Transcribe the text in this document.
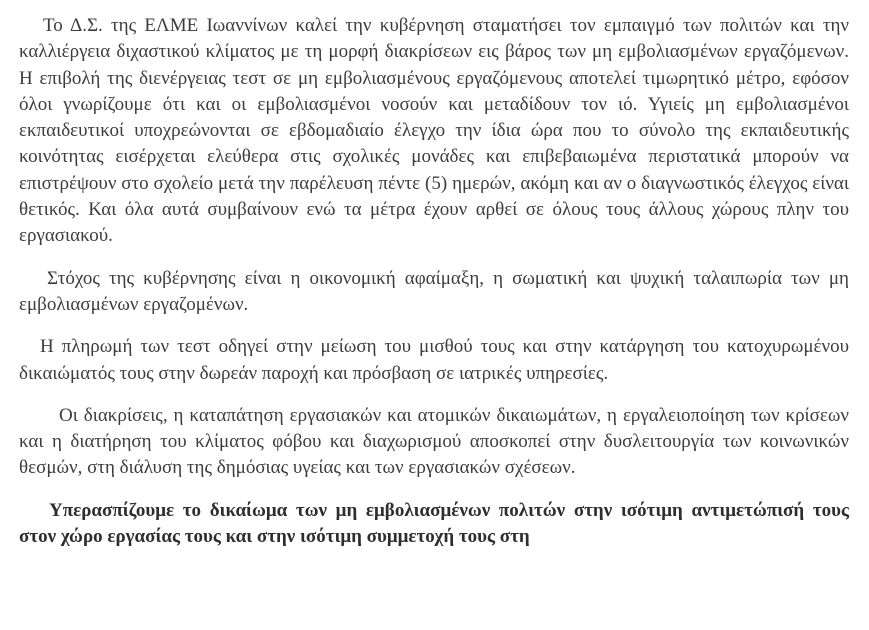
Το Δ.Σ. της ΕΛΜΕ Ιωαννίνων καλεί την κυβέρνηση σταματήσει τον εμπαιγμό των πολιτών και την καλλιέργεια διχαστικού κλίματος με τη μορφή διακρίσεων εις βάρος των μη εμβολιασμένων εργαζόμενων. Η επιβολή της διενέργειας τεστ σε μη εμβολιασμένους εργαζόμενους αποτελεί τιμωρητικό μέτρο, εφόσον όλοι γνωρίζουμε ότι και οι εμβολιασμένοι νοσούν και μεταδίδουν τον ιό. Υγιείς μη εμβολιασμένοι εκπαιδευτικοί υποχρεώνονται σε εβδομαδιαίο έλεγχο την ίδια ώρα που το σύνολο της εκπαιδευτικής κοινότητας εισέρχεται ελεύθερα στις σχολικές μονάδες και επιβεβαιωμένα περιστατικά μπορούν να επιστρέψουν στο σχολείο μετά την παρέλευση πέντε (5) ημερών, ακόμη και αν ο διαγνωστικός έλεγχος είναι θετικός. Και όλα αυτά συμβαίνουν ενώ τα μέτρα έχουν αρθεί σε όλους τους άλλους χώρους πλην του εργασιακού.

Στόχος της κυβέρνησης είναι η οικονομική αφαίμαξη, η σωματική και ψυχική ταλαιπωρία των μη εμβολιασμένων εργαζομένων.

Η πληρωμή των τεστ οδηγεί στην μείωση του μισθού τους και στην κατάργηση του κατοχυρωμένου δικαιώματός τους στην δωρεάν παροχή και πρόσβαση σε ιατρικές υπηρεσίες.

Οι διακρίσεις, η καταπάτηση εργασιακών και ατομικών δικαιωμάτων, η εργαλειοποίηση των κρίσεων και η διατήρηση του κλίματος φόβου και διαχωρισμού αποσκοπεί στην δυσλειτουργία των κοινωνικών θεσμών, στη διάλυση της δημόσιας υγείας και των εργασιακών σχέσεων.

Υπερασπίζουμε το δικαίωμα των μη εμβολιασμένων πολιτών στην ισότιμη αντιμετώπισή τους στον χώρο εργασίας τους και στην ισότιμη συμμετοχή τους στη
